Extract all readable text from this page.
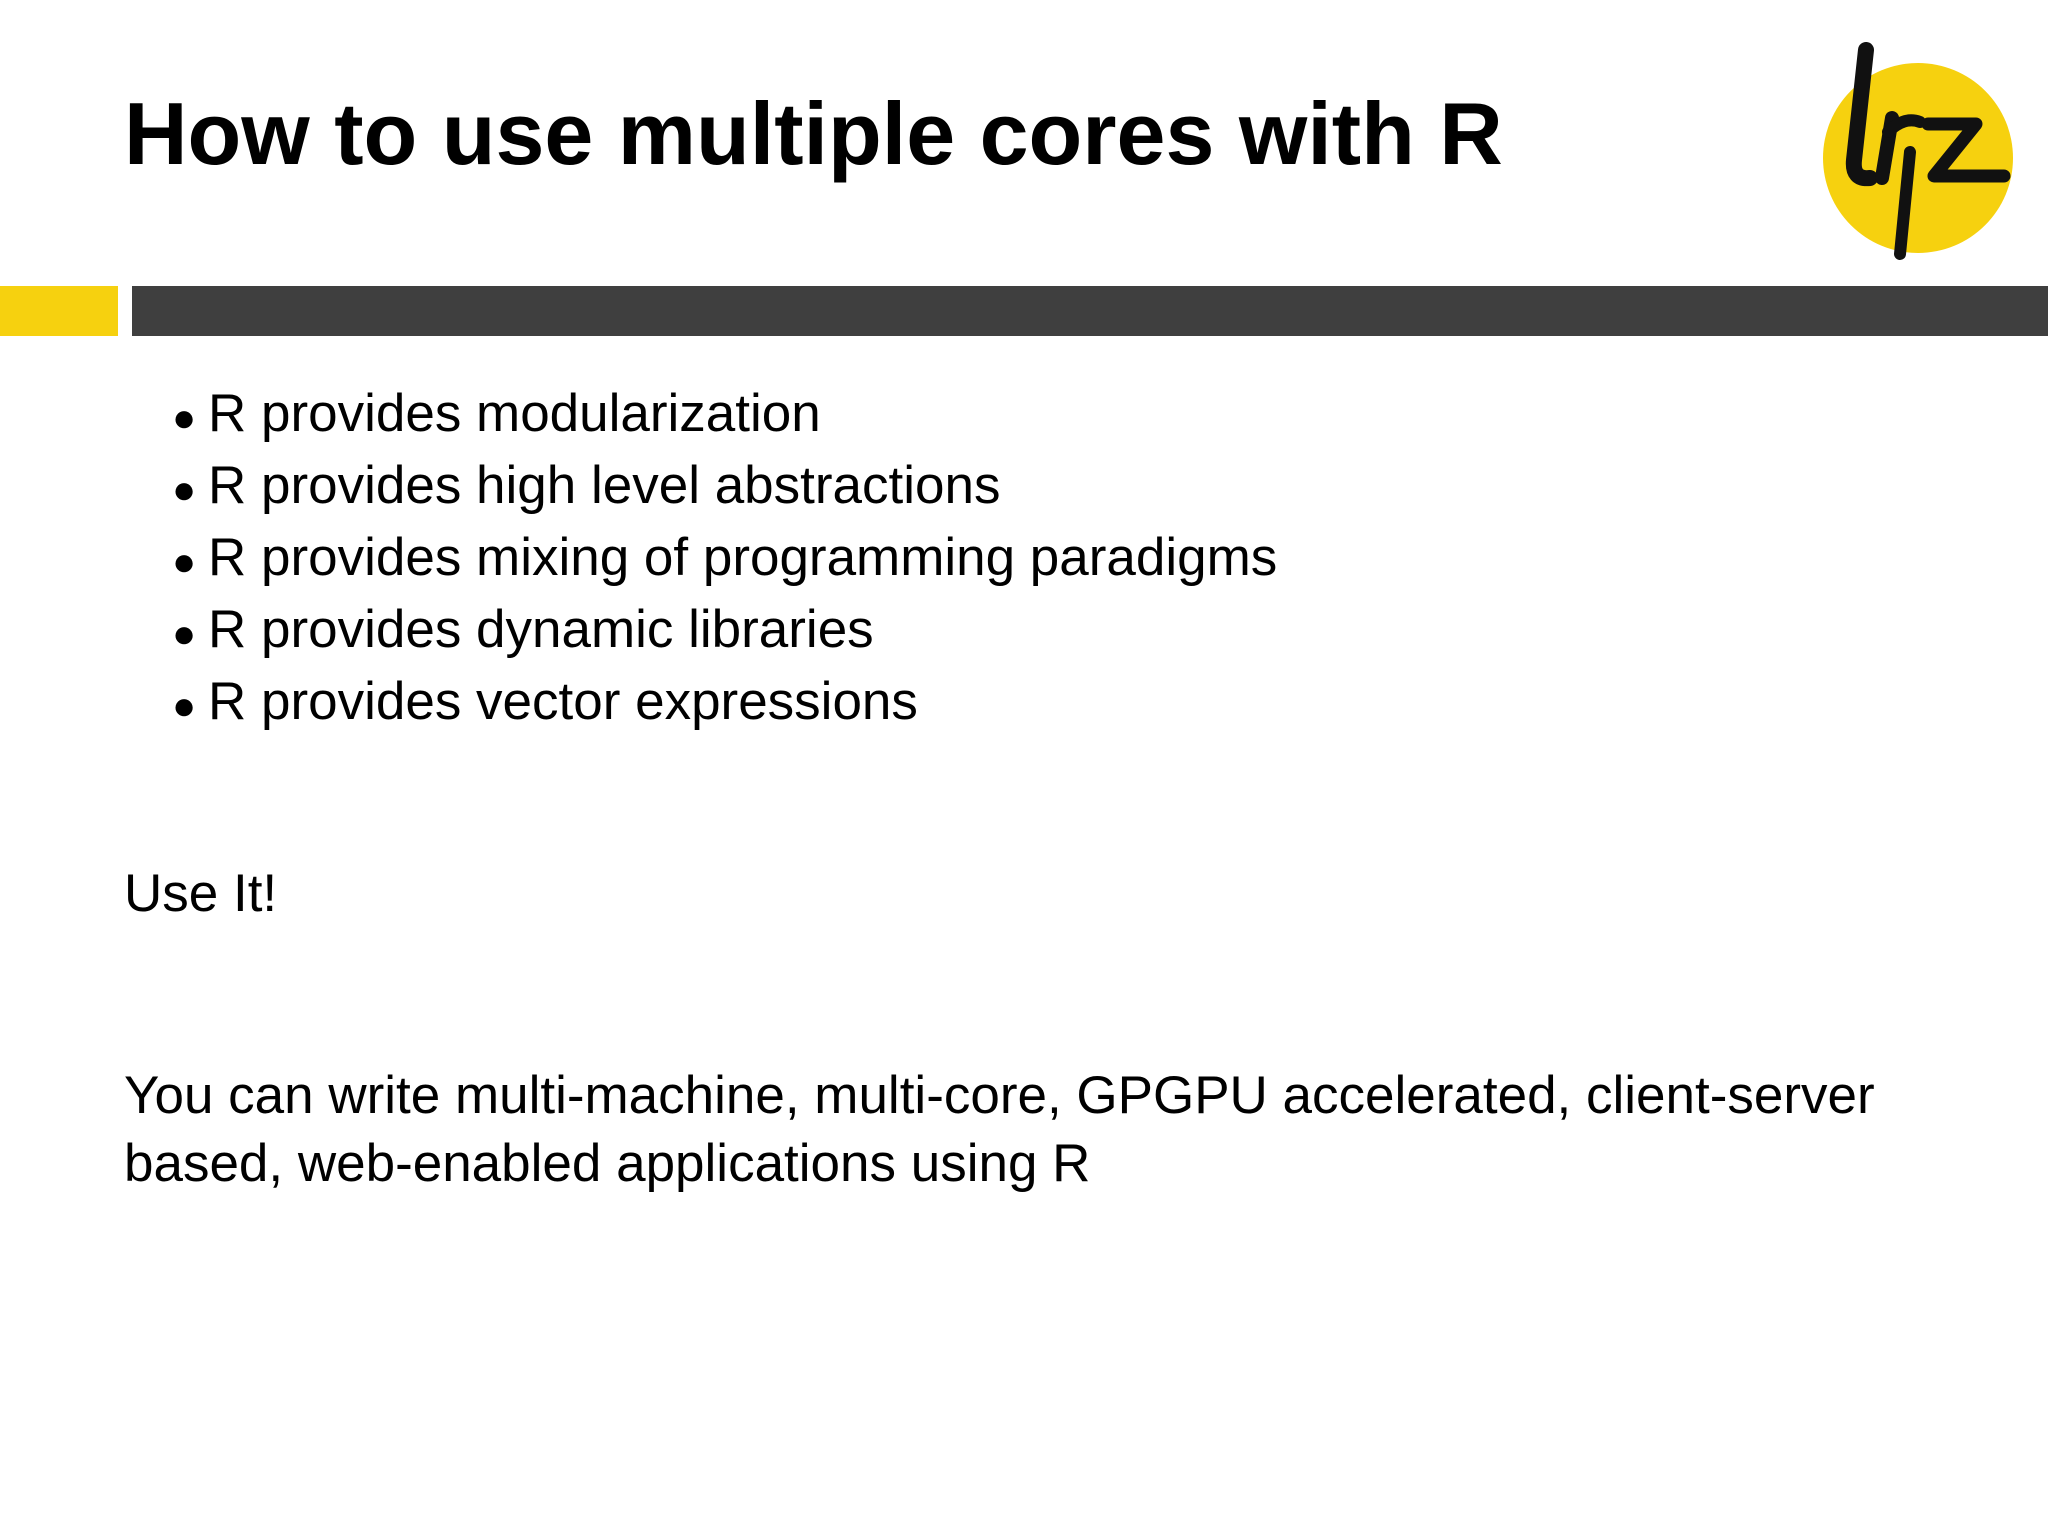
How to use multiple cores with R
● R provides modularization
● R provides high level abstractions
● R provides mixing of programming paradigms
● R provides dynamic libraries
● R provides vector expressions

Use It!

You can write multi-machine, multi-core, GPGPU accelerated, client-server based, web-enabled applications using R
